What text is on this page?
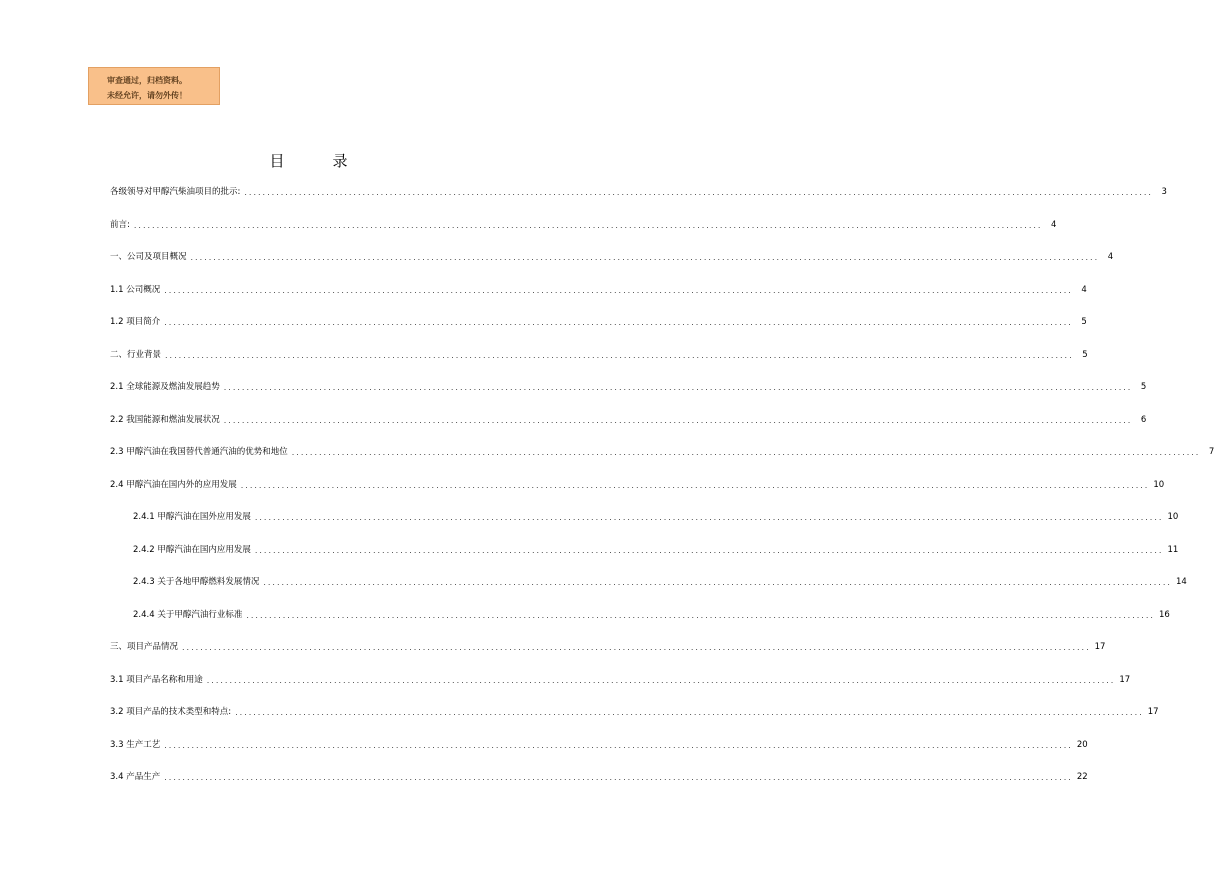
审查通过，归档资料。
未经允许，请勿外传！
目录
各级领导对甲醇汽柴油项目的批示: ........................................................................................................................................................................................................	3
前言: ........................................................................................................................................................................................................	4
一、公司及项目概况 ........................................................................................................................................................................................................	4
1.1 公司概况 ........................................................................................................................................................................................................	4
1.2 项目简介 ........................................................................................................................................................................................................	5
二、行业背景 ........................................................................................................................................................................................................	5
2.1 全球能源及燃油发展趋势 ........................................................................................................................................................................................................	5
2.2 我国能源和燃油发展状况 ........................................................................................................................................................................................................	6
2.3 甲醇汽油在我国替代普通汽油的优势和地位 ........................................................................................................................................................................................................	7
2.4 甲醇汽油在国内外的应用发展 ........................................................................................................................................................................................................ 10
2.4.1 甲醇汽油在国外应用发展 ........................................................................................................................................................................................................ 10
2.4.2 甲醇汽油在国内应用发展 ........................................................................................................................................................................................................ 11
2.4.3 关于各地甲醇燃料发展情况 ........................................................................................................................................................................................................ 14
2.4.4 关于甲醇汽油行业标准 ........................................................................................................................................................................................................ 16
三、项目产品情况 ........................................................................................................................................................................................................ 17
3.1 项目产品名称和用途 ........................................................................................................................................................................................................ 17
3.2 项目产品的技术类型和特点: ........................................................................................................................................................................................................ 17
3.3 生产工艺 ........................................................................................................................................................................................................ 20
3.4 产品生产 ........................................................................................................................................................................................................ 22
